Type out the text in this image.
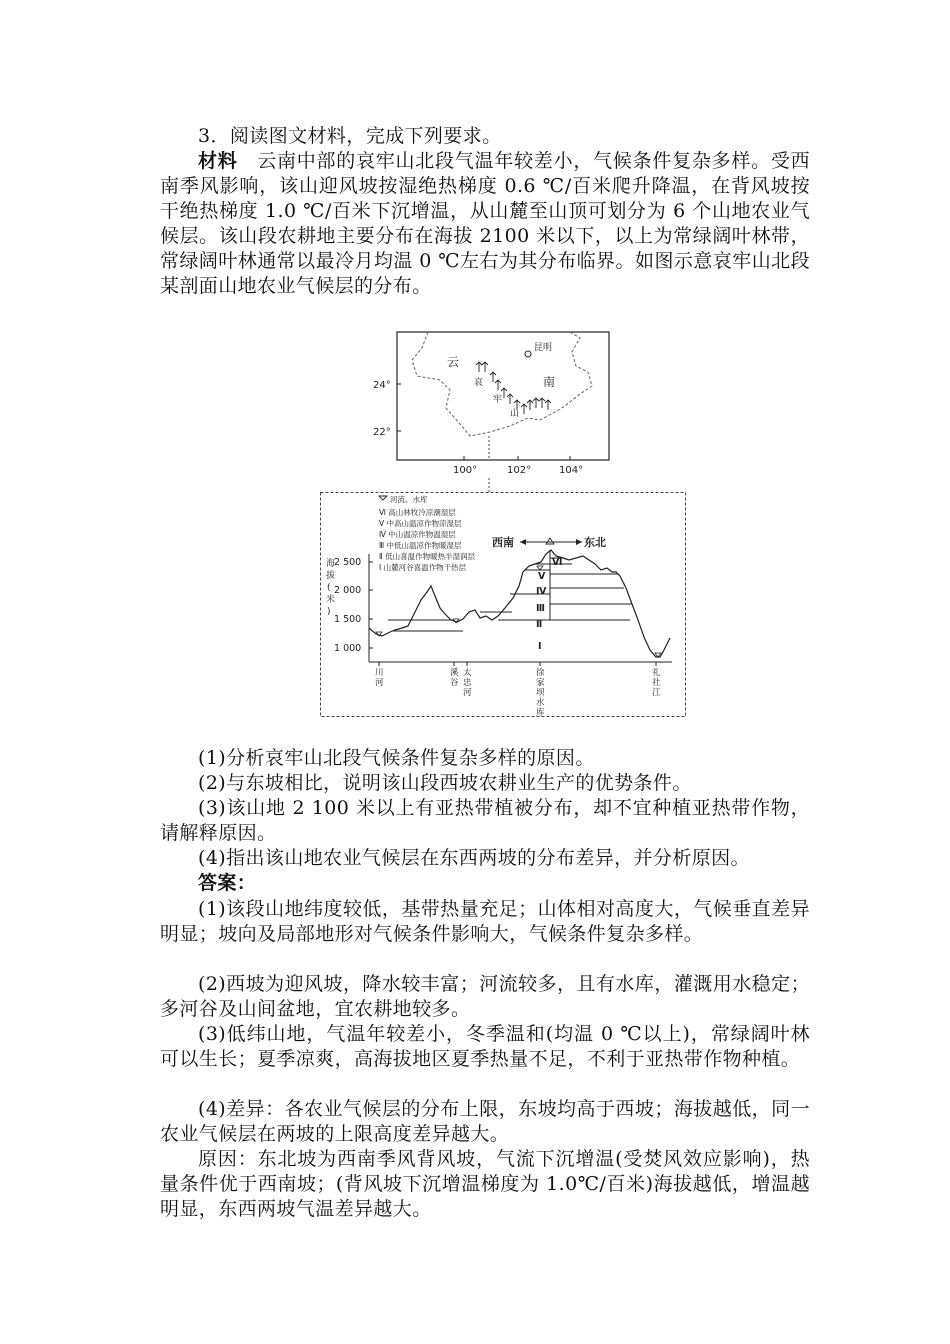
3．阅读图文材料，完成下列要求。

材料　 云南中部的哀牢山北段气温年较差小，气候条件复杂多样。受西南季风影响，该山迎风坡按湿绝热梯度 0.6 ℃/百米爬升降温，在背风坡按干绝热梯度 1.0 ℃/百米下沉增温，从山麓至山顶可划分为 6 个山地农业气候层。该山段农耕地主要分布在海拔 2100 米以下，以上为常绿阔叶林带，常绿阔叶林通常以最冷月均温 0 ℃左右为其分布临界。如图示意哀牢山北段某剖面山地农业气候层的分布。

昆明
云
南
哀
牢
山
24°
22°
100°	102°	104°
河流、水库
Ⅵ 高山林牧冷凉潮湿层
Ⅴ 中高山温凉作物凉湿层
Ⅳ 中山温凉作物温湿层
Ⅲ 中低山温凉作物暖湿层
Ⅱ 低山喜温作物暖热半湿润层
Ⅰ 山麓河谷喜温作物干热层
西南	东北
海
拔
(
米
)
2 500
2 000
1 500
1 000
Ⅵ
Ⅴ
Ⅳ
Ⅲ
Ⅱ
Ⅰ
川
河
溪
谷
太
忠
河
徐
家
坝
水
库
礼
社
江

(1)分析哀牢山北段气候条件复杂多样的原因。

(2)与东坡相比，说明该山段西坡农耕业生产的优势条件。

(3)该山地 2 100 米以上有亚热带植被分布，却不宜种植亚热带作物，请解释原因。

(4)指出该山地农业气候层在东西两坡的分布差异，并分析原因。

答案：

(1)该段山地纬度较低，基带热量充足；山体相对高度大，气候垂直差异明显；坡向及局部地形对气候条件影响大，气候条件复杂多样。

(2)西坡为迎风坡，降水较丰富；河流较多，且有水库，灌溉用水稳定；多河谷及山间盆地，宜农耕地较多。

(3)低纬山地，气温年较差小，冬季温和(均温 0 ℃以上)，常绿阔叶林可以生长；夏季凉爽，高海拔地区夏季热量不足，不利于亚热带作物种植。

(4)差异：各农业气候层的分布上限，东坡均高于西坡；海拔越低，同一农业气候层在两坡的上限高度差异越大。

原因：东北坡为西南季风背风坡，气流下沉增温(受焚风效应影响)，热量条件优于西南坡；(背风坡下沉增温梯度为 1.0℃/百米)海拔越低，增温越明显，东西两坡气温差异越大。
